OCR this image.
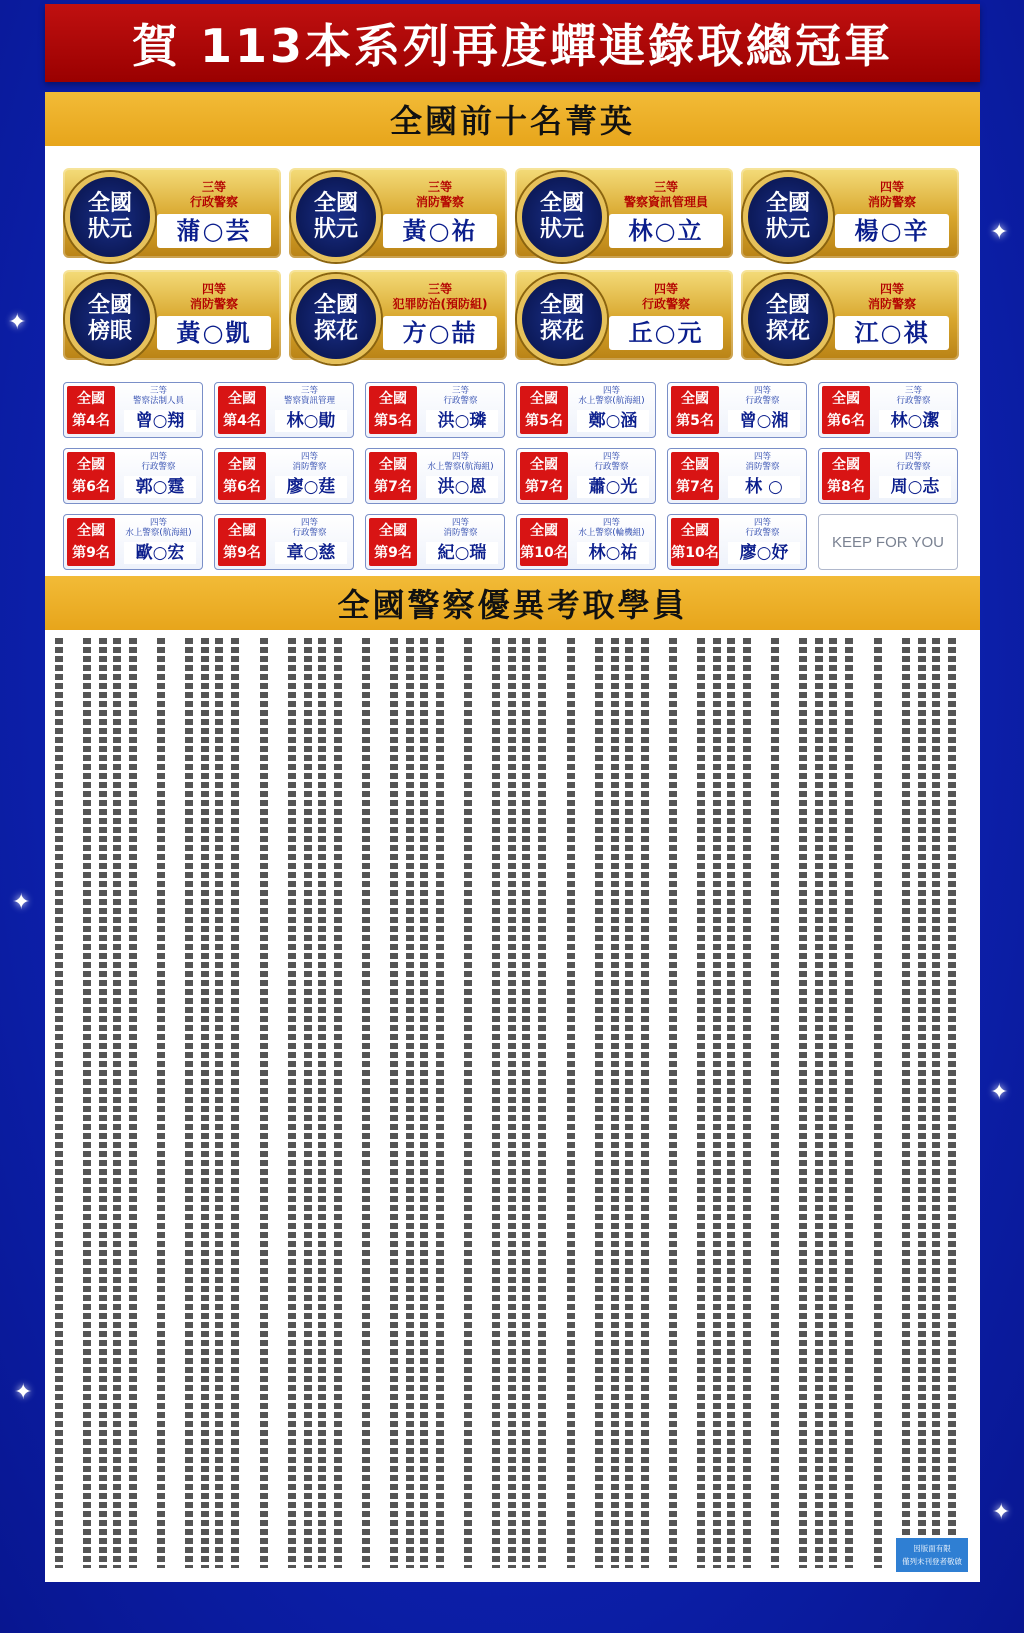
✦
✦
✦
✦
✦
✦
賀 113本系列再度蟬連錄取總冠軍
全國前十名菁英
全國
狀元
三等
行政警察
蒲○芸
全國
狀元
三等
消防警察
黃○祐
全國
狀元
三等
警察資訊管理員
林○立
全國
狀元
四等
消防警察
楊○辛
全國
榜眼
四等
消防警察
黃○凱
全國
探花
三等
犯罪防治(預防組)
方○喆
全國
探花
四等
行政警察
丘○元
全國
探花
四等
消防警察
江○祺
全國
第4名
三等
警察法制人員
曾○翔
全國
第4名
三等
警察資訊管理
林○勛
全國
第5名
三等
行政警察
洪○璘
全國
第5名
四等
水上警察(航海組)
鄭○涵
全國
第5名
四等
行政警察
曾○湘
全國
第6名
三等
行政警察
林○潔
全國
第6名
四等
行政警察
郭○霆
全國
第6名
四等
消防警察
廖○莛
全國
第7名
四等
水上警察(航海組)
洪○恩
全國
第7名
四等
行政警察
蕭○光
全國
第7名
四等
消防警察
林 ○
全國
第8名
四等
行政警察
周○志
全國
第9名
四等
水上警察(航海組)
歐○宏
全國
第9名
四等
行政警察
章○慈
全國
第9名
四等
消防警察
紀○瑞
全國
第10名
四等
水上警察(輪機組)
林○祐
全國
第10名
四等
行政警察
廖○妤
KEEP FOR YOU
全國警察優異考取學員
因版面有限
僅列未刊登者敬啟
